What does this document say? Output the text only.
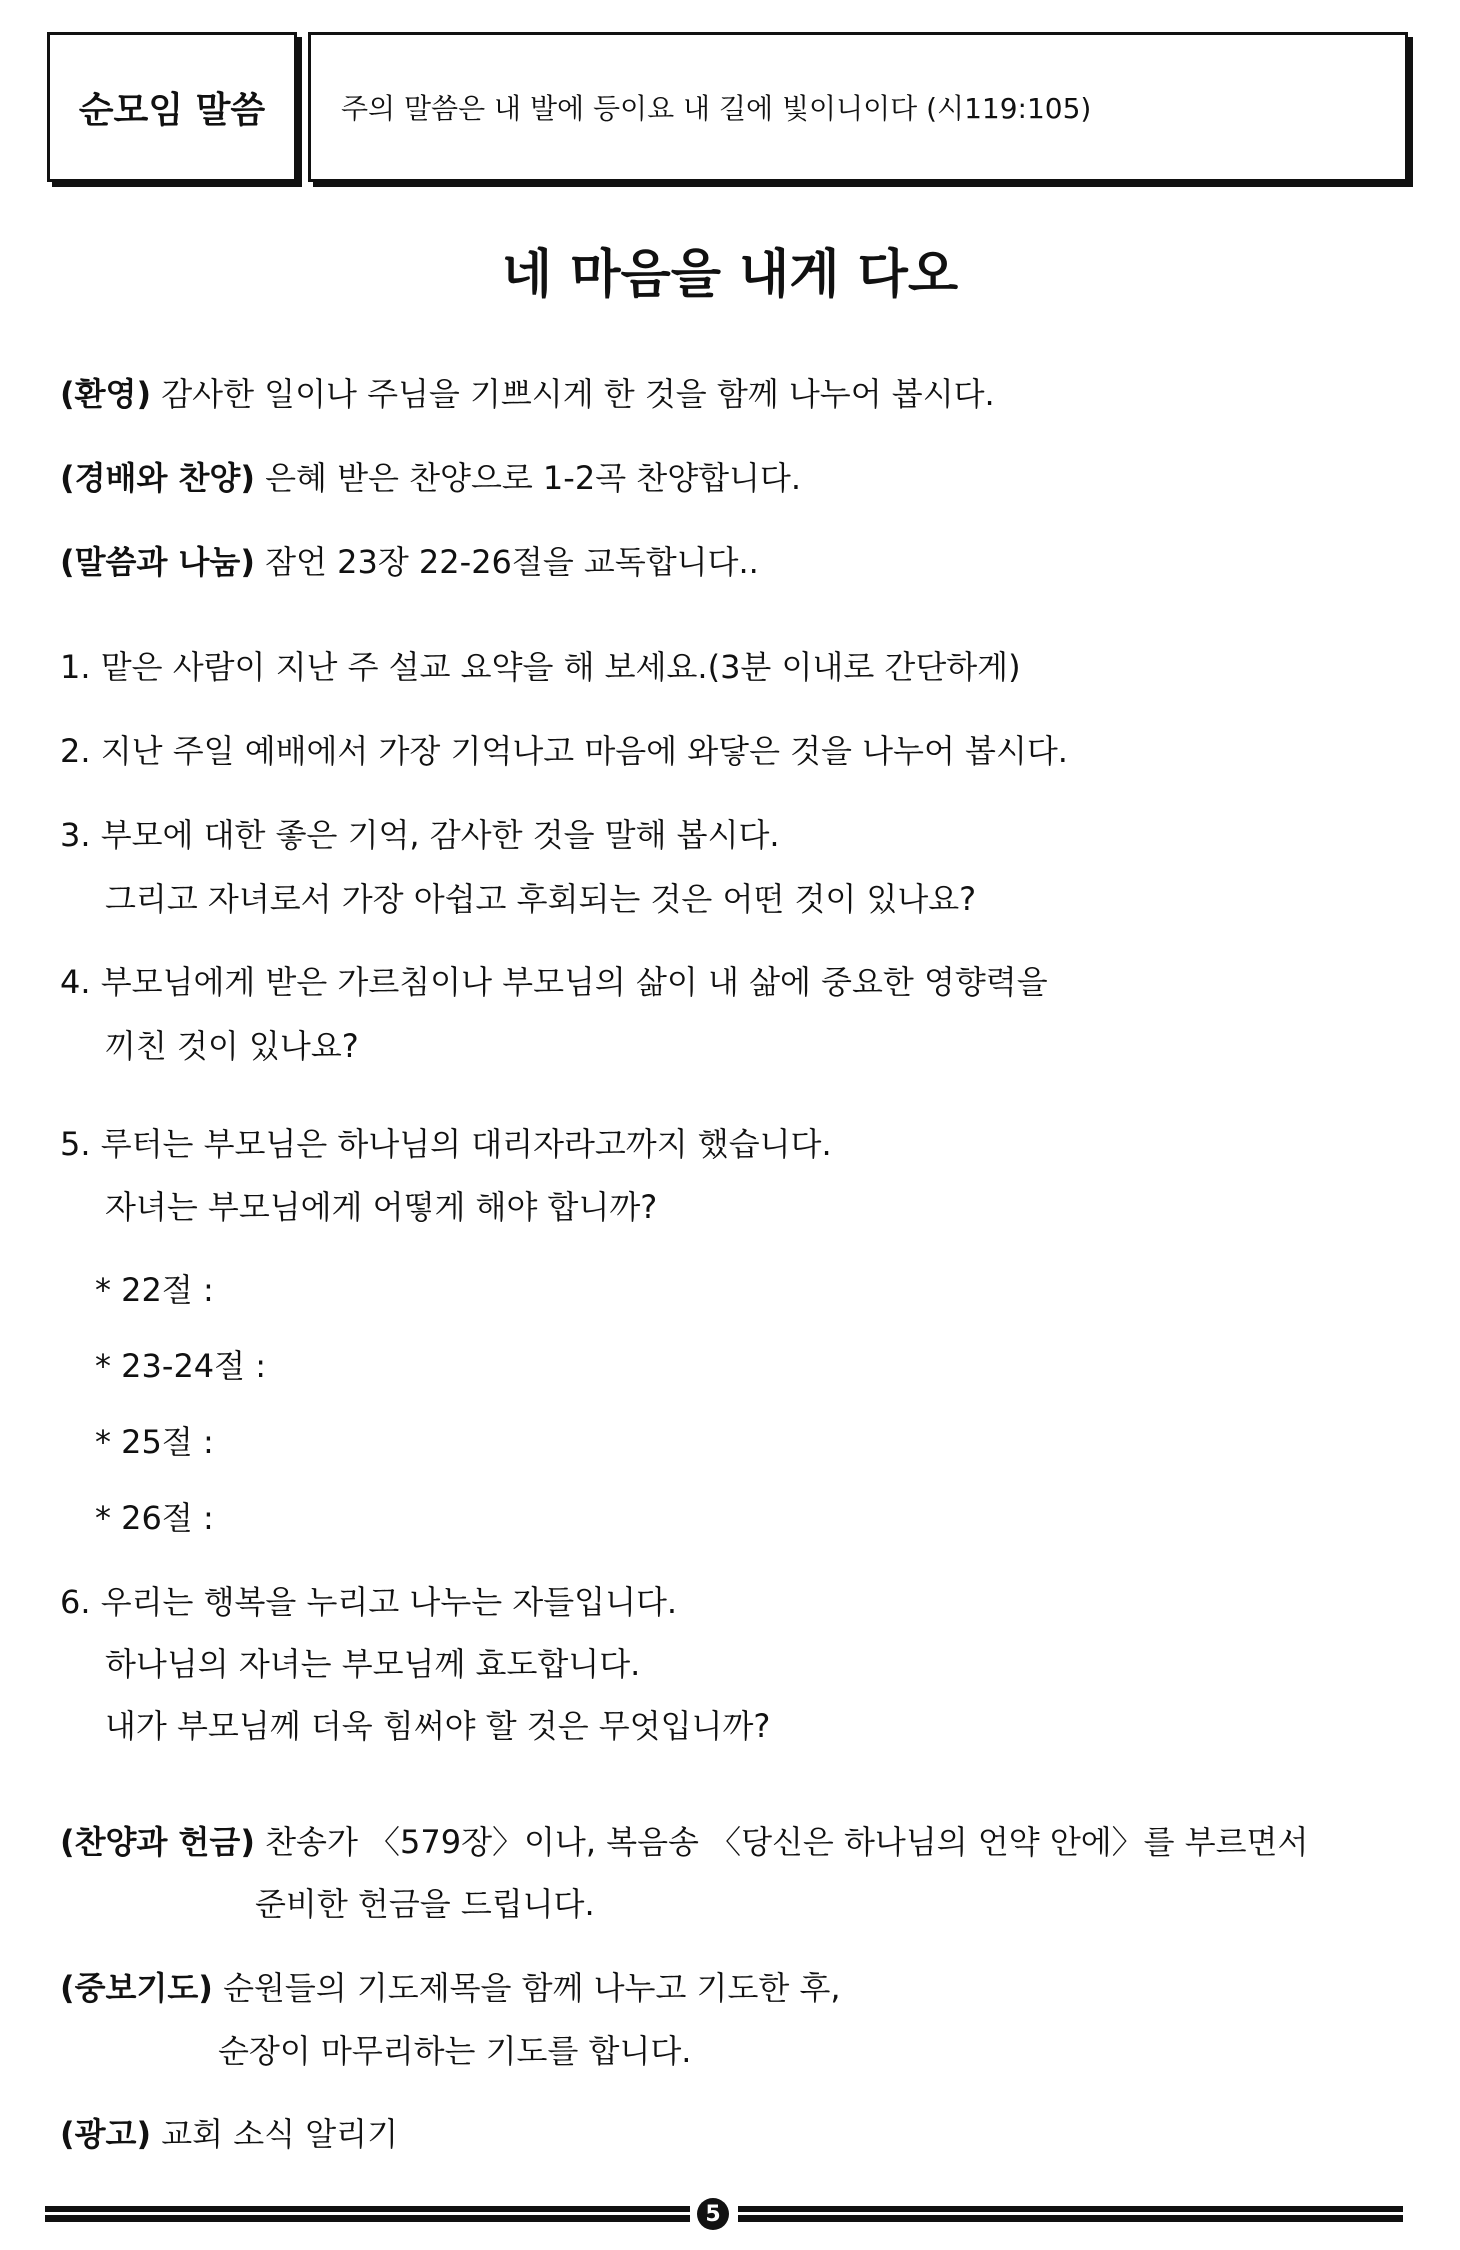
순모임 말씀	주의 말씀은 내 발에 등이요 내 길에 빛이니이다 (시119:105)
네 마음을 내게 다오
(환영) 감사한 일이나 주님을 기쁘시게 한 것을 함께 나누어 봅시다.
(경배와 찬양) 은혜 받은 찬양으로 1-2곡 찬양합니다.
(말씀과 나눔) 잠언 23장 22-26절을 교독합니다..
1. 맡은 사람이 지난 주 설교 요약을 해 보세요.(3분 이내로 간단하게)
2. 지난 주일 예배에서 가장 기억나고 마음에 와닿은 것을 나누어 봅시다.
3. 부모에 대한 좋은 기억, 감사한 것을 말해 봅시다.
그리고 자녀로서 가장 아쉽고 후회되는 것은 어떤 것이 있나요?
4. 부모님에게 받은 가르침이나 부모님의 삶이 내 삶에 중요한 영향력을
끼친 것이 있나요?
5. 루터는 부모님은 하나님의 대리자라고까지 했습니다.
자녀는 부모님에게 어떻게 해야 합니까?
* 22절 :
* 23-24절 :
* 25절 :
* 26절 :
6. 우리는 행복을 누리고 나누는 자들입니다.
하나님의 자녀는 부모님께 효도합니다.
내가 부모님께 더욱 힘써야 할 것은 무엇입니까?
(찬양과 헌금) 찬송가 〈579장〉이나, 복음송 〈당신은 하나님의 언약 안에〉를 부르면서
준비한 헌금을 드립니다.
(중보기도) 순원들의 기도제목을 함께 나누고 기도한 후,
순장이 마무리하는 기도를 합니다.
(광고) 교회 소식 알리기
5
